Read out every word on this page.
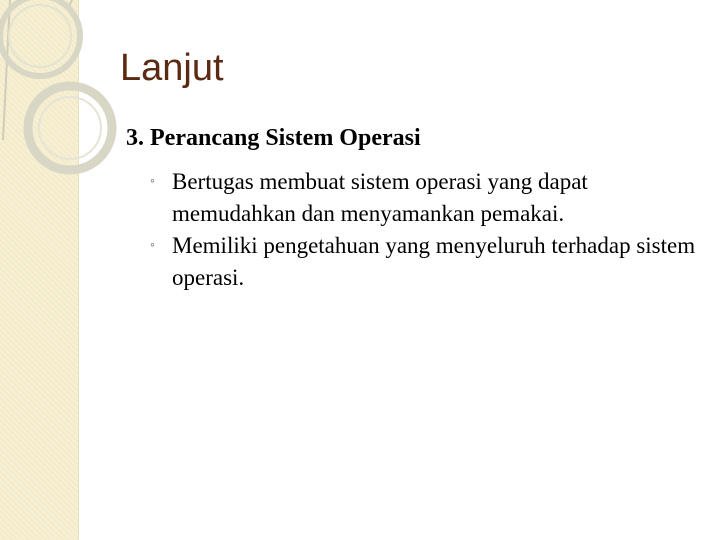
Lanjut
3. Perancang Sistem Operasi
◦ Bertugas membuat sistem operasi yang dapat memudahkan dan menyamankan pemakai.
◦ Memiliki pengetahuan yang menyeluruh terhadap sistem operasi.
